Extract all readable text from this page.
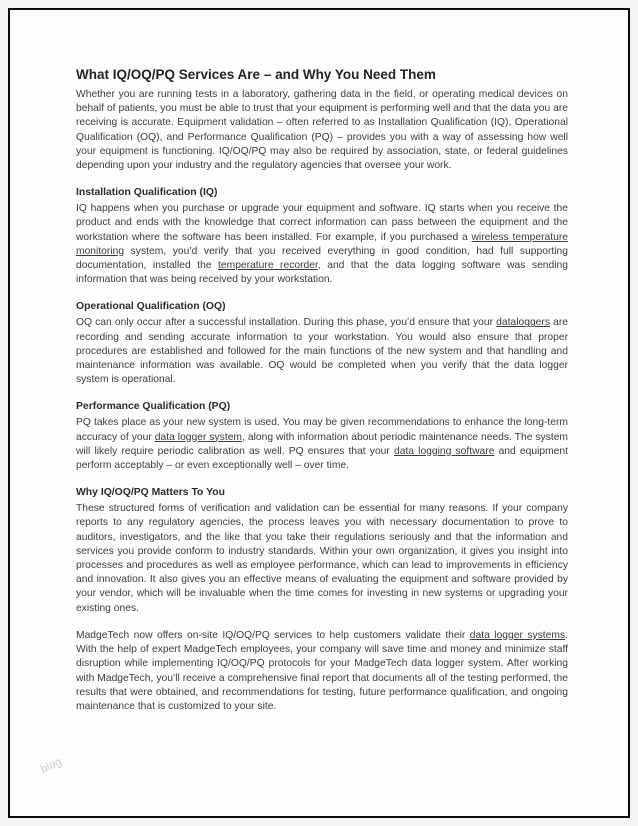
What IQ/OQ/PQ Services Are – and Why You Need Them

Whether you are running tests in a laboratory, gathering data in the field, or operating medical devices on behalf of patients, you must be able to trust that your equipment is performing well and that the data you are receiving is accurate. Equipment validation – often referred to as Installation Qualification (IQ), Operational Qualification (OQ), and Performance Qualification (PQ) – provides you with a way of assessing how well your equipment is functioning. IQ/OQ/PQ may also be required by association, state, or federal guidelines depending upon your industry and the regulatory agencies that oversee your work.

Installation Qualification (IQ)

IQ happens when you purchase or upgrade your equipment and software. IQ starts when you receive the product and ends with the knowledge that correct information can pass between the equipment and the workstation where the software has been installed. For example, if you purchased a wireless temperature monitoring system, you’d verify that you received everything in good condition, had full supporting documentation, installed the temperature recorder, and that the data logging software was sending information that was being received by your workstation.

Operational Qualification (OQ)

OQ can only occur after a successful installation. During this phase, you’d ensure that your dataloggers are recording and sending accurate information to your workstation. You would also ensure that proper procedures are established and followed for the main functions of the new system and that handling and maintenance information was available. OQ would be completed when you verify that the data logger system is operational.

Performance Qualification (PQ)

PQ takes place as your new system is used. You may be given recommendations to enhance the long-term accuracy of your data logger system, along with information about periodic maintenance needs. The system will likely require periodic calibration as well. PQ ensures that your data logging software and equipment perform acceptably – or even exceptionally well – over time.

Why IQ/OQ/PQ Matters To You

These structured forms of verification and validation can be essential for many reasons. If your company reports to any regulatory agencies, the process leaves you with necessary documentation to prove to auditors, investigators, and the like that you take their regulations seriously and that the information and services you provide conform to industry standards. Within your own organization, it gives you insight into processes and procedures as well as employee performance, which can lead to improvements in efficiency and innovation. It also gives you an effective means of evaluating the equipment and software provided by your vendor, which will be invaluable when the time comes for investing in new systems or upgrading your existing ones.

MadgeTech now offers on-site IQ/OQ/PQ services to help customers validate their data logger systems. With the help of expert MadgeTech employees, your company will save time and money and minimize staff disruption while implementing IQ/OQ/PQ protocols for your MadgeTech data logger system. After working with MadgeTech, you’ll receive a comprehensive final report that documents all of the testing performed, the results that were obtained, and recommendations for testing, future performance qualification, and ongoing maintenance that is customized to your site.

blog
